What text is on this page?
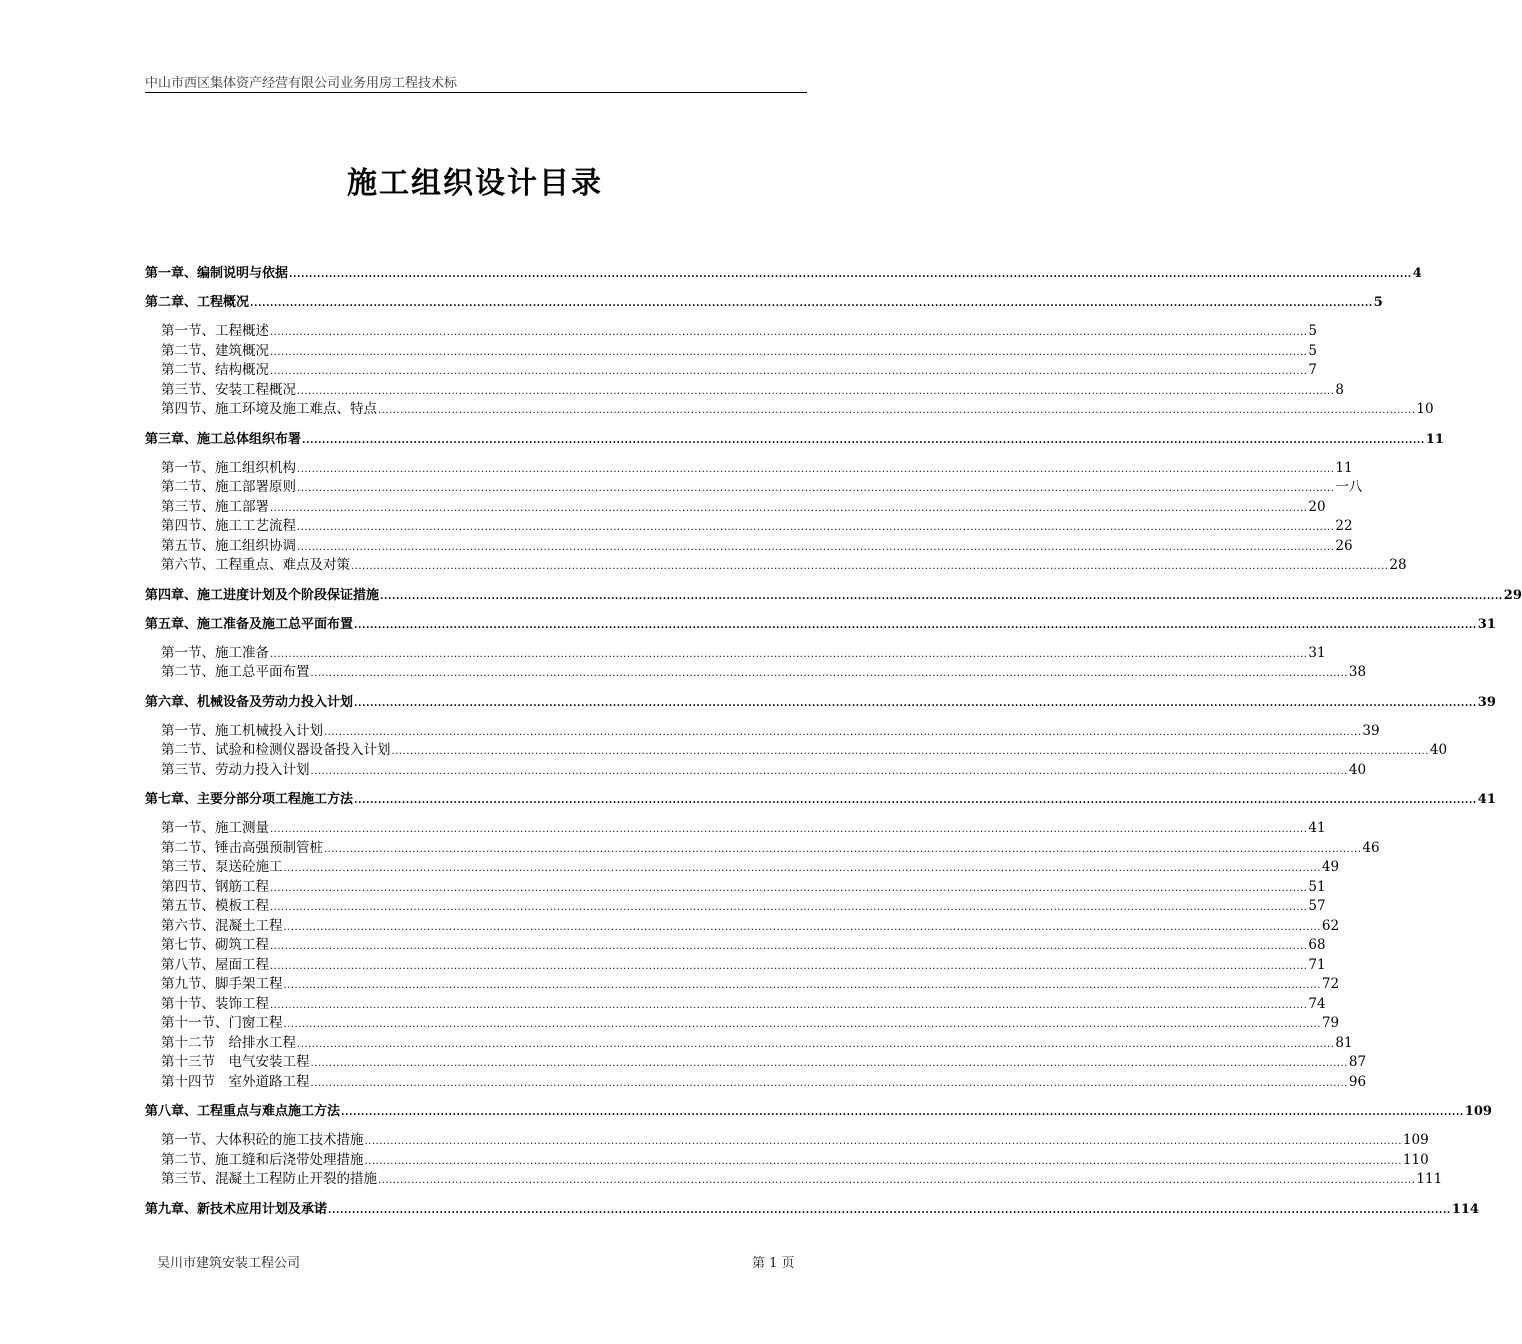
中山市西区集体资产经营有限公司业务用房工程技术标
施工组织设计目录
第一章、编制说明与依据 .......................................................................................................................................................................................................................................................................................... 4
第二章、工程概况 .......................................................................................................................................................................................................................................................................................... 5
第一节、工程概述 .......................................................................................................................................................................................................................................................................................... 5
第二节、建筑概况 .......................................................................................................................................................................................................................................................................................... 5
第二节、结构概况 .......................................................................................................................................................................................................................................................................................... 7
第三节、安装工程概况 .......................................................................................................................................................................................................................................................................................... 8
第四节、施工环境及施工难点、特点 .......................................................................................................................................................................................................................................................................................... 10
第三章、施工总体组织布署 .......................................................................................................................................................................................................................................................................................... 11
第一节、施工组织机构 .......................................................................................................................................................................................................................................................................................... 11
第二节、施工部署原则 .......................................................................................................................................................................................................................................................................................... 一八
第三节、施工部署 .......................................................................................................................................................................................................................................................................................... 20
第四节、施工工艺流程 .......................................................................................................................................................................................................................................................................................... 22
第五节、施工组织协调 .......................................................................................................................................................................................................................................................................................... 26
第六节、工程重点、难点及对策 .......................................................................................................................................................................................................................................................................................... 28
第四章、施工进度计划及个阶段保证措施 .......................................................................................................................................................................................................................................................................................... 29
第五章、施工准备及施工总平面布置 .......................................................................................................................................................................................................................................................................................... 31
第一节、施工准备 .......................................................................................................................................................................................................................................................................................... 31
第二节、施工总平面布置 .......................................................................................................................................................................................................................................................................................... 38
第六章、机械设备及劳动力投入计划 .......................................................................................................................................................................................................................................................................................... 39
第一节、施工机械投入计划 .......................................................................................................................................................................................................................................................................................... 39
第二节、试验和检测仪器设备投入计划 .......................................................................................................................................................................................................................................................................................... 40
第三节、劳动力投入计划 .......................................................................................................................................................................................................................................................................................... 40
第七章、主要分部分项工程施工方法 .......................................................................................................................................................................................................................................................................................... 41
第一节、施工测量 .......................................................................................................................................................................................................................................................................................... 41
第二节、锤击高强预制管桩 .......................................................................................................................................................................................................................................................................................... 46
第三节、泵送砼施工 .......................................................................................................................................................................................................................................................................................... 49
第四节、钢筋工程 .......................................................................................................................................................................................................................................................................................... 51
第五节、模板工程 .......................................................................................................................................................................................................................................................................................... 57
第六节、混凝土工程 .......................................................................................................................................................................................................................................................................................... 62
第七节、砌筑工程 .......................................................................................................................................................................................................................................................................................... 68
第八节、屋面工程 .......................................................................................................................................................................................................................................................................................... 71
第九节、脚手架工程 .......................................................................................................................................................................................................................................................................................... 72
第十节、装饰工程 .......................................................................................................................................................................................................................................................................................... 74
第十一节、门窗工程 .......................................................................................................................................................................................................................................................................................... 79
第十二节　给排水工程 .......................................................................................................................................................................................................................................................................................... 81
第十三节　电气安装工程 .......................................................................................................................................................................................................................................................................................... 87
第十四节　室外道路工程 .......................................................................................................................................................................................................................................................................................... 96
第八章、工程重点与难点施工方法 .......................................................................................................................................................................................................................................................................................... 109
第一节、大体积砼的施工技术措施 .......................................................................................................................................................................................................................................................................................... 109
第二节、施工缝和后浇带处理措施 .......................................................................................................................................................................................................................................................................................... 110
第三节、混凝土工程防止开裂的措施 .......................................................................................................................................................................................................................................................................................... 111
第九章、新技术应用计划及承诺 .......................................................................................................................................................................................................................................................................................... 114
吴川市建筑安装工程公司	第 1 页
